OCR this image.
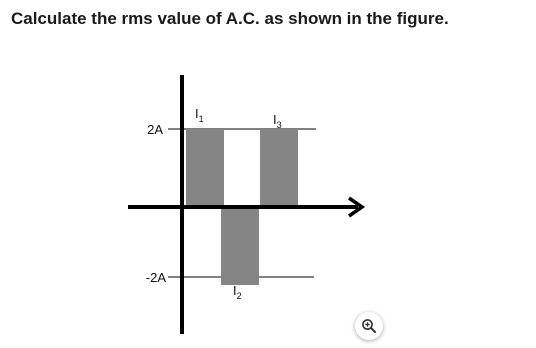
Calculate the rms value of A.C. as shown in the figure.

2A
-2A
$I_1$
$I_2$
$I_3$
